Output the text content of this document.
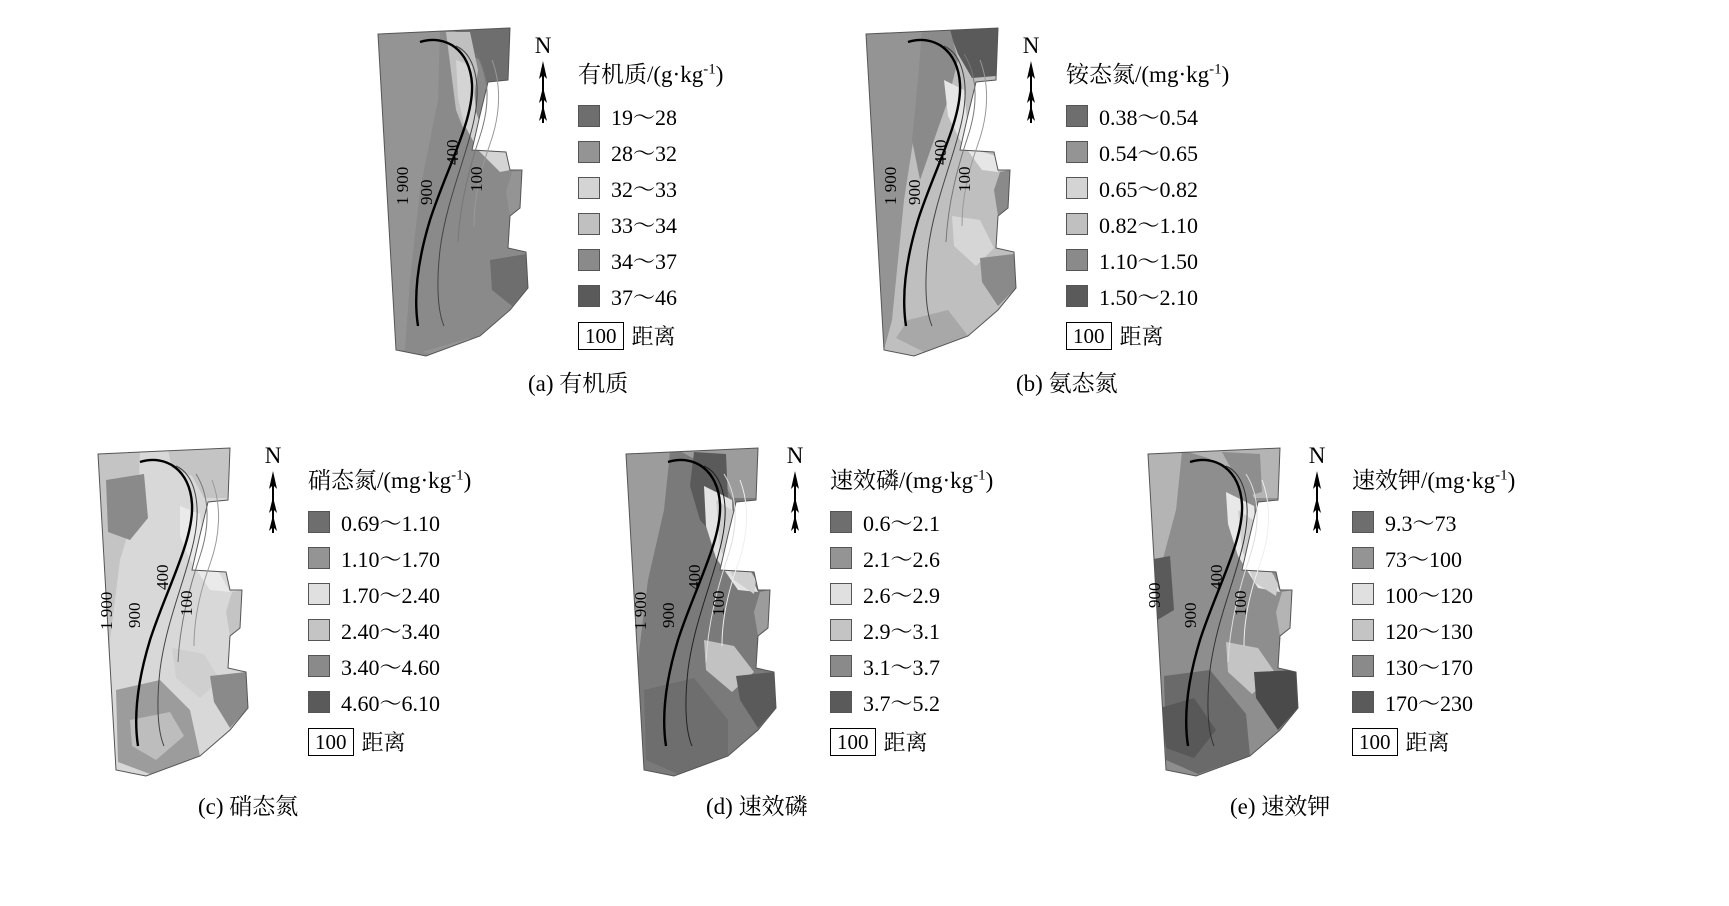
1 900 900
400
100
N
有机质$/(g\cdot kg^{-1})$
19～28
28～32
32～33
33～34
34～37
37～46
100 距离
(a) 有机质
1 900 900
400
100
N
铵态氮$/(mg\cdot kg^{-1})$
0.38～0.54
0.54～0.65
0.65～0.82
0.82～1.10
1.10～1.50
1.50～2.10
100 距离
(b) 氨态氮
1 900 900
400
100
N
硝态氮$/(mg\cdot kg^{-1})$
0.69～1.10
1.10～1.70
1.70～2.40
2.40～3.40
3.40～4.60
4.60～6.10
100 距离
(c) 硝态氮
1 900 900
400
100
N
速效磷$/(mg\cdot kg^{-1})$
0.6～2.1
2.1～2.6
2.6～2.9
2.9～3.1
3.1～3.7
3.7～5.2
100 距离
(d) 速效磷
900
900
400
100
N
速效钾$/(mg\cdot kg^{-1})$
9.3～73
73～100
100～120
120～130
130～170
170～230
100 距离
(e) 速效钾
